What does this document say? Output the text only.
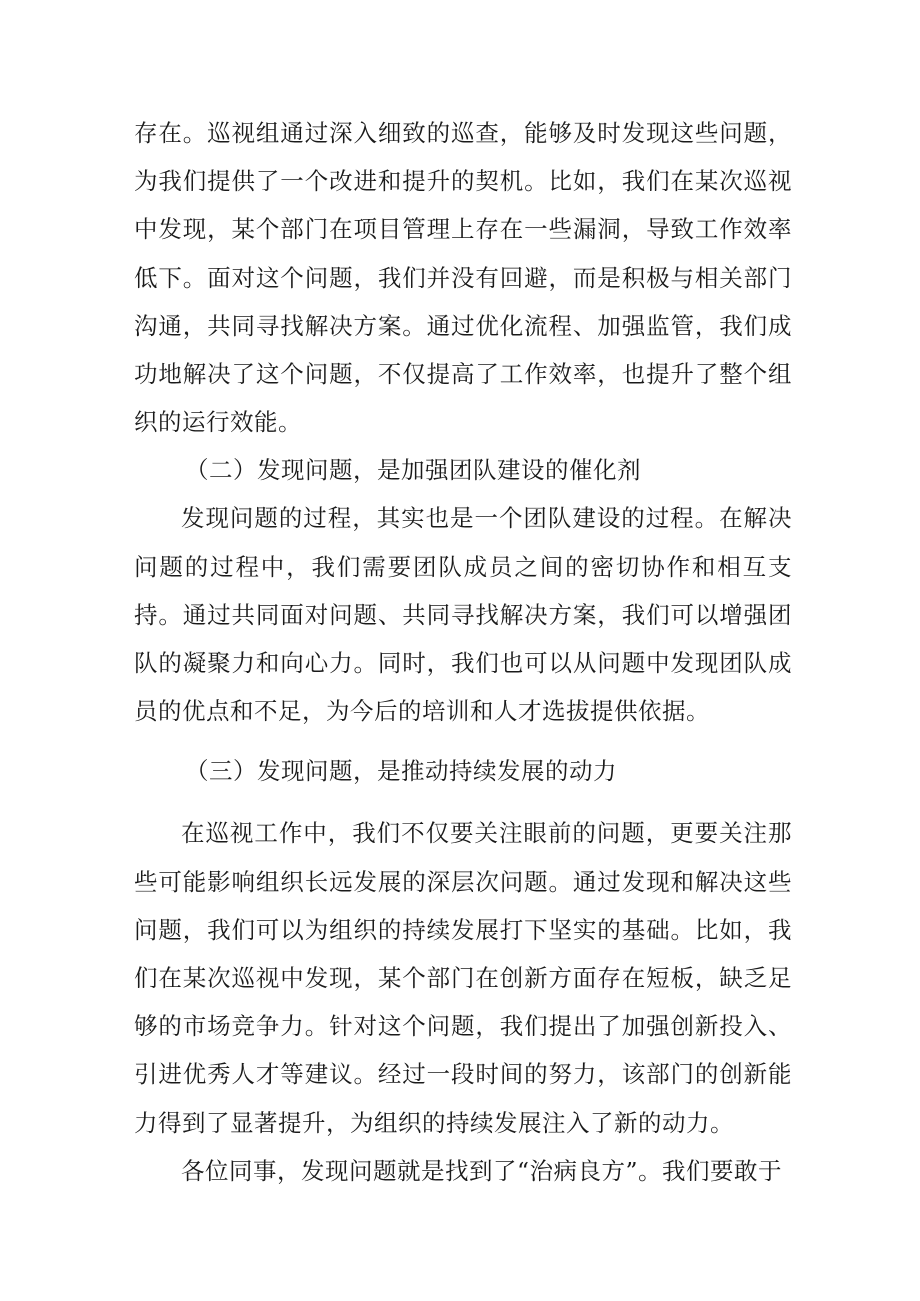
存在。巡视组通过深入细致的巡查，能够及时发现这些问题，为我们提供了一个改进和提升的契机。比如，我们在某次巡视中发现，某个部门在项目管理上存在一些漏洞，导致工作效率低下。面对这个问题，我们并没有回避，而是积极与相关部门沟通，共同寻找解决方案。通过优化流程、加强监管，我们成功地解决了这个问题，不仅提高了工作效率，也提升了整个组织的运行效能。

（二）发现问题，是加强团队建设的催化剂

发现问题的过程，其实也是一个团队建设的过程。在解决问题的过程中，我们需要团队成员之间的密切协作和相互支持。通过共同面对问题、共同寻找解决方案，我们可以增强团队的凝聚力和向心力。同时，我们也可以从问题中发现团队成员的优点和不足，为今后的培训和人才选拔提供依据。

（三）发现问题，是推动持续发展的动力

在巡视工作中，我们不仅要关注眼前的问题，更要关注那些可能影响组织长远发展的深层次问题。通过发现和解决这些问题，我们可以为组织的持续发展打下坚实的基础。比如，我们在某次巡视中发现，某个部门在创新方面存在短板，缺乏足够的市场竞争力。针对这个问题，我们提出了加强创新投入、引进优秀人才等建议。经过一段时间的努力，该部门的创新能力得到了显著提升，为组织的持续发展注入了新的动力。

各位同事，发现问题就是找到了“治病良方”。我们要敢于
